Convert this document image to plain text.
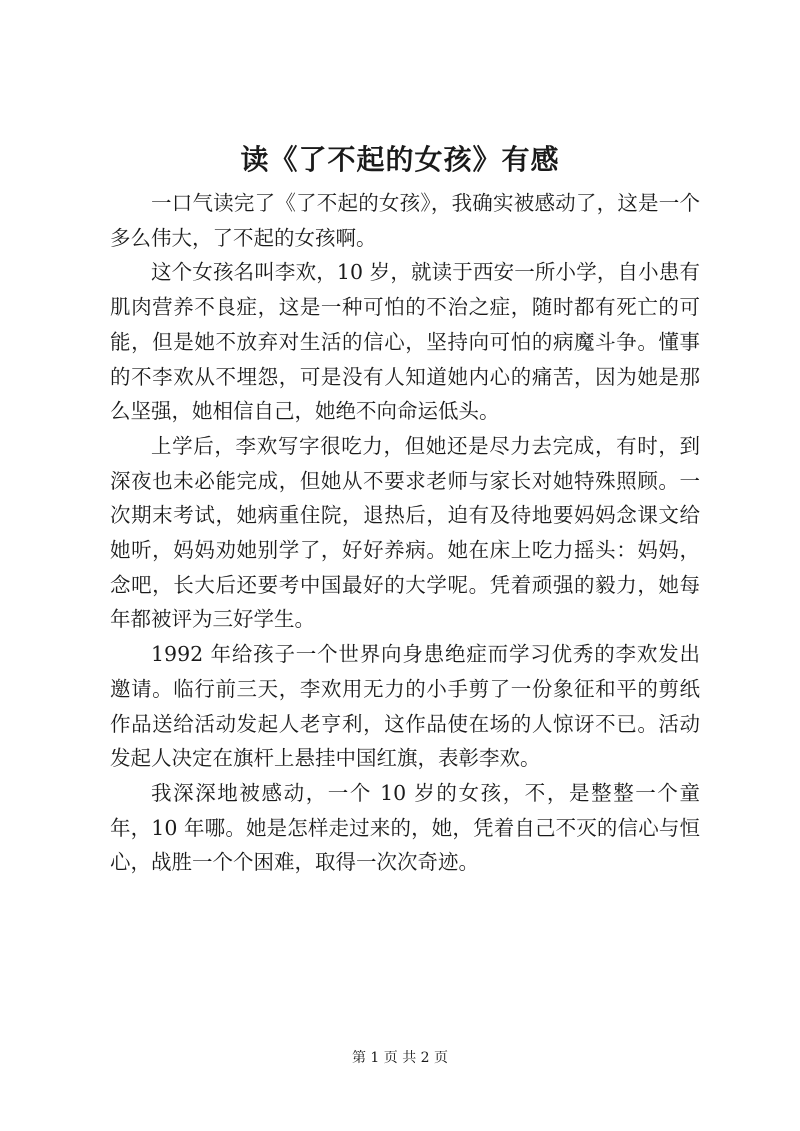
读《了不起的女孩》有感

一口气读完了《了不起的女孩》，我确实被感动了，这是一个多么伟大，了不起的女孩啊。

这个女孩名叫李欢，10 岁，就读于西安一所小学，自小患有肌肉营养不良症，这是一种可怕的不治之症，随时都有死亡的可能，但是她不放弃对生活的信心，坚持向可怕的病魔斗争。懂事的不李欢从不埋怨，可是没有人知道她内心的痛苦，因为她是那么坚强，她相信自己，她绝不向命运低头。

上学后，李欢写字很吃力，但她还是尽力去完成，有时，到深夜也未必能完成，但她从不要求老师与家长对她特殊照顾。一次期末考试，她病重住院，退热后，迫有及待地要妈妈念课文给她听，妈妈劝她别学了，好好养病。她在床上吃力摇头：妈妈，念吧，长大后还要考中国最好的大学呢。凭着顽强的毅力，她每年都被评为三好学生。

1992 年给孩子一个世界向身患绝症而学习优秀的李欢发出邀请。临行前三天，李欢用无力的小手剪了一份象征和平的剪纸作品送给活动发起人老亨利，这作品使在场的人惊讶不已。活动发起人决定在旗杆上悬挂中国红旗，表彰李欢。

我深深地被感动，一个 10 岁的女孩，不，是整整一个童年，10 年哪。她是怎样走过来的，她，凭着自己不灭的信心与恒心，战胜一个个困难，取得一次次奇迹。

第 1 页 共 2 页
